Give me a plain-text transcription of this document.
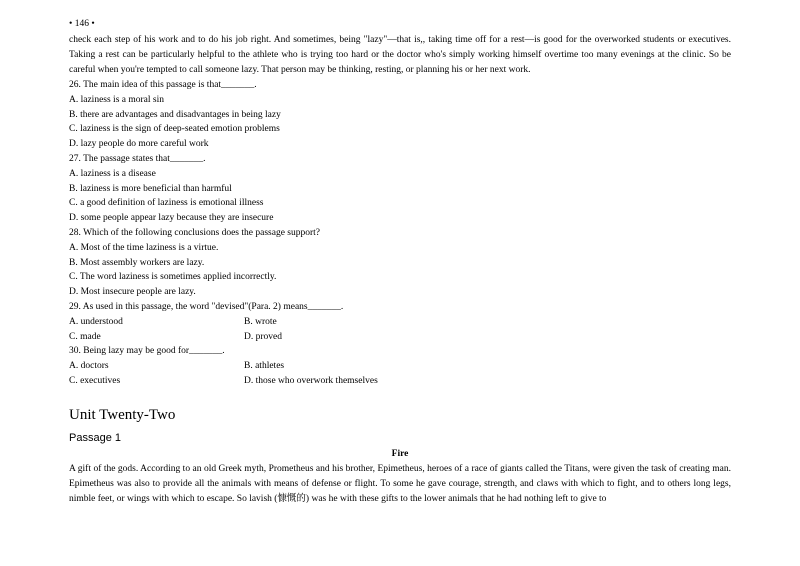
• 146 •
check each step of his work and to do his job right. And sometimes, being "lazy"—that is,, taking time off for a rest—is good for the overworked students or executives. Taking a rest can be particularly helpful to the athlete who is trying too hard or the doctor who's simply working himself overtime too many evenings at the clinic. So be careful when you're tempted to call someone lazy. That person may be thinking, resting, or planning his or her next work.
26. The main idea of this passage is that_______.
A. laziness is a moral sin
B. there are advantages and disadvantages in being lazy
C. laziness is the sign of deep-seated emotion problems
D. lazy people do more careful work
27. The passage states that_______.
A. laziness is a disease
B. laziness is more beneficial than harmful
C. a good definition of laziness is emotional illness
D. some people appear lazy because they are insecure
28. Which of the following conclusions does the passage support?
A. Most of the time laziness is a virtue.
B. Most assembly workers are lazy.
C. The word laziness is sometimes applied incorrectly.
D. Most insecure people are lazy.
29. As used in this passage, the word "devised"(Para. 2) means_______.
A. understood	B. wrote
C. made	D. proved
30. Being lazy may be good for_______.
A. doctors	B. athletes
C. executives	D. those who overwork themselves
Unit Twenty-Two
Passage 1
Fire
A gift of the gods. According to an old Greek myth, Prometheus and his brother, Epimetheus, heroes of a race of giants called the Titans, were given the task of creating man. Epimetheus was also to provide all the animals with means of defense or flight. To some he gave courage, strength, and claws with which to fight, and to others long legs, nimble feet, or wings with which to escape. So lavish (慷慨的) was he with these gifts to the lower animals that he had nothing left to give to
